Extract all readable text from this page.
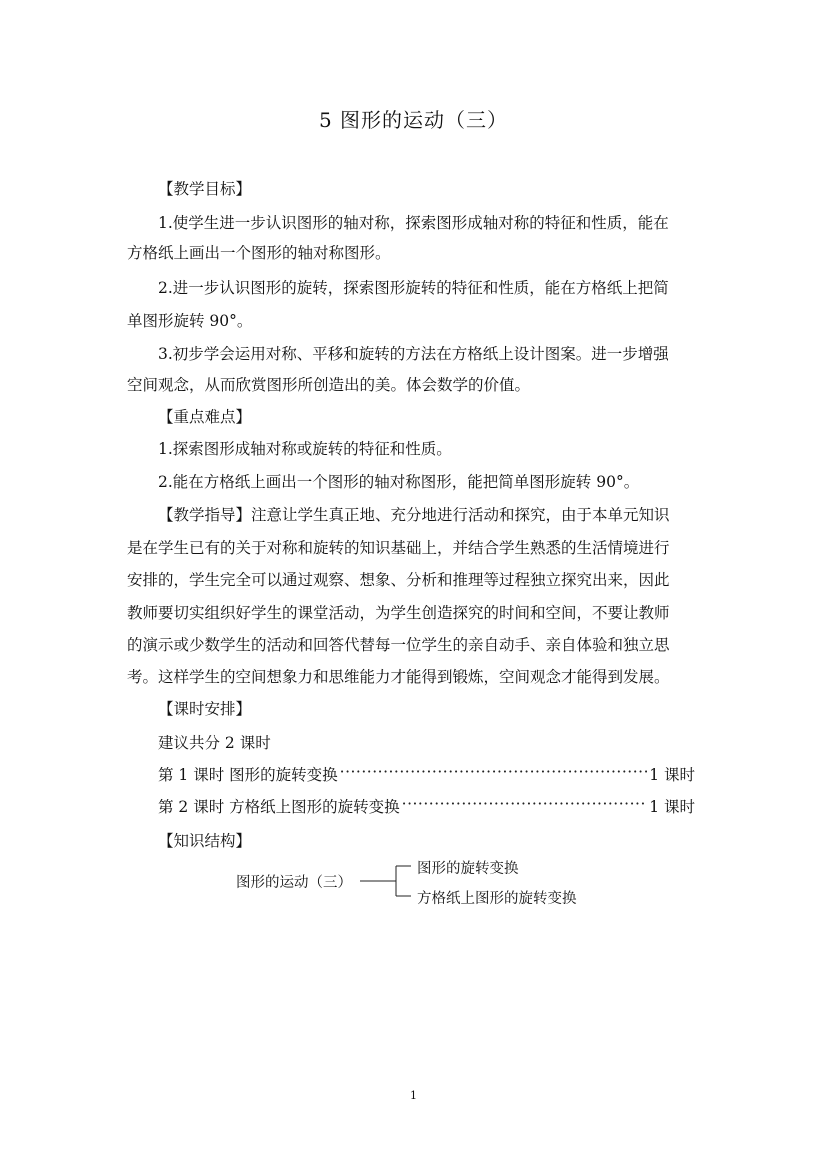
5 图形的运动（三）
【教学目标】
1.使学生进一步认识图形的轴对称，探索图形成轴对称的特征和性质，能在
方格纸上画出一个图形的轴对称图形。
2.进一步认识图形的旋转，探索图形旋转的特征和性质，能在方格纸上把简
单图形旋转 90°。
3.初步学会运用对称、平移和旋转的方法在方格纸上设计图案。进一步增强
空间观念，从而欣赏图形所创造出的美。体会数学的价值。
【重点难点】
1.探索图形成轴对称或旋转的特征和性质。
2.能在方格纸上画出一个图形的轴对称图形，能把简单图形旋转 90°。
【教学指导】注意让学生真正地、充分地进行活动和探究，由于本单元知识
是在学生已有的关于对称和旋转的知识基础上，并结合学生熟悉的生活情境进行
安排的，学生完全可以通过观察、想象、分析和推理等过程独立探究出来，因此
教师要切实组织好学生的课堂活动，为学生创造探究的时间和空间，不要让教师
的演示或少数学生的活动和回答代替每一位学生的亲自动手、亲自体验和独立思
考。这样学生的空间想象力和思维能力才能得到锻炼，空间观念才能得到发展。
【课时安排】
建议共分 2 课时
第 1 课时 图形的旋转变换 ·····	1 课时
第 2 课时 方格纸上图形的旋转变换 ·····	1 课时
【知识结构】
图形的运动（三）
图形的旋转变换
方格纸上图形的旋转变换
1
